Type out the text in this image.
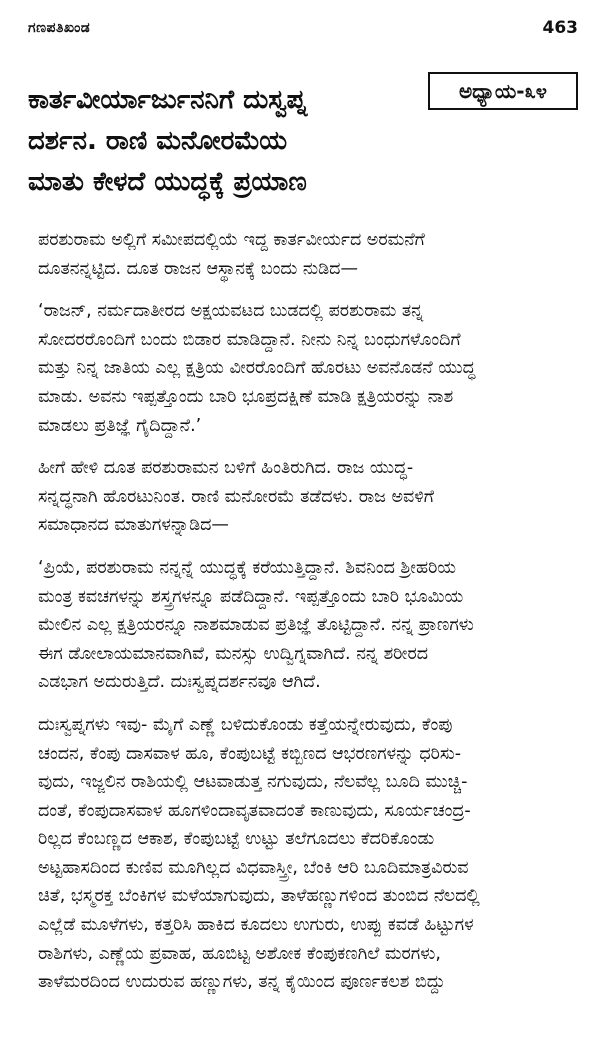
ಗಣಪತಿಖಂಡ	463
ಕಾರ್ತವೀರ್ಯಾರ್ಜುನನಿಗೆ ದುಸ್ವಪ್ನ
ದರ್ಶನ. ರಾಣಿ ಮನೋರಮೆಯ
ಮಾತು ಕೇಳದೆ ಯುದ್ಧಕ್ಕೆ ಪ್ರಯಾಣ
ಅಧ್ಯಾಯ-೩೪

ಪರಶುರಾಮ ಅಲ್ಲಿಗೆ ಸಮೀಪದಲ್ಲಿಯೆ ಇದ್ದ ಕಾರ್ತವೀರ್ಯದ ಅರಮನೆಗೆ
ದೂತನನ್ನಟ್ಟಿದ. ದೂತ ರಾಜನ ಆಸ್ಥಾನಕ್ಕೆ ಬಂದು ನುಡಿದ—

‘ರಾಜನ್, ನರ್ಮದಾತೀರದ ಅಕ್ಷಯವಟದ ಬುಡದಲ್ಲಿ ಪರಶುರಾಮ ತನ್ನ
ಸೋದರರೊಂದಿಗೆ ಬಂದು ಬಿಡಾರ ಮಾಡಿದ್ದಾನೆ. ನೀನು ನಿನ್ನ ಬಂಧುಗಳೊಂದಿಗೆ
ಮತ್ತು ನಿನ್ನ ಜಾತಿಯ ಎಲ್ಲ ಕ್ಷತ್ರಿಯ ವೀರರೊಂದಿಗೆ ಹೊರಟು ಅವನೊಡನೆ ಯುದ್ಧ
ಮಾಡು. ಅವನು ಇಪ್ಪತ್ತೊಂದು ಬಾರಿ ಭೂಪ್ರದಕ್ಷಿಣೆ ಮಾಡಿ ಕ್ಷತ್ರಿಯರನ್ನು ನಾಶ
ಮಾಡಲು ಪ್ರತಿಜ್ಞೆ ಗೈದಿದ್ದಾನೆ.’

ಹೀಗೆ ಹೇಳಿ ದೂತ ಪರಶುರಾಮನ ಬಳಿಗೆ ಹಿಂತಿರುಗಿದ. ರಾಜ ಯುದ್ಧ-
ಸನ್ನದ್ಧನಾಗಿ ಹೊರಟುನಿಂತ. ರಾಣಿ ಮನೋರಮೆ ತಡೆದಳು. ರಾಜ ಅವಳಿಗೆ
ಸಮಾಧಾನದ ಮಾತುಗಳನ್ನಾಡಿದ—

‘ಪ್ರಿಯೆ, ಪರಶುರಾಮ ನನ್ನನ್ನೆ ಯುದ್ಧಕ್ಕೆ ಕರೆಯುತ್ತಿದ್ದಾನೆ. ಶಿವನಿಂದ ಶ್ರೀಹರಿಯ
ಮಂತ್ರ ಕವಚಗಳನ್ನು ಶಸ್ತ್ರಗಳನ್ನೂ ಪಡೆದಿದ್ದಾನೆ. ಇಪ್ಪತ್ತೊಂದು ಬಾರಿ ಭೂಮಿಯ
ಮೇಲಿನ ಎಲ್ಲ ಕ್ಷತ್ರಿಯರನ್ನೂ ನಾಶಮಾಡುವ ಪ್ರತಿಜ್ಞೆ ತೊಟ್ಟಿದ್ದಾನೆ. ನನ್ನ ಪ್ರಾಣಗಳು
ಈಗ ಡೋಲಾಯಮಾನವಾಗಿವೆ, ಮನಸ್ಸು ಉದ್ವಿಗ್ನವಾಗಿದೆ. ನನ್ನ ಶರೀರದ
ಎಡಭಾಗ ಅದುರುತ್ತಿದೆ. ದುಃಸ್ವಪ್ನದರ್ಶನವೂ ಆಗಿದೆ.

ದುಃಸ್ವಪ್ನಗಳು ಇವು- ಮೈಗೆ ಎಣ್ಣೆ ಬಳಿದುಕೊಂಡು ಕತ್ತೆಯನ್ನೇರುವುದು, ಕೆಂಪು
ಚಂದನ, ಕೆಂಪು ದಾಸವಾಳ ಹೂ, ಕೆಂಪುಬಟ್ಟೆ ಕಬ್ಬಿಣದ ಆಭರಣಗಳನ್ನು ಧರಿಸು-
ವುದು, ಇಜ್ಜಲಿನ ರಾಶಿಯಲ್ಲಿ ಆಟವಾಡುತ್ತ ನಗುವುದು, ನೆಲವೆಲ್ಲ ಬೂದಿ ಮುಚ್ಚಿ-
ದಂತೆ, ಕೆಂಪುದಾಸವಾಳ ಹೂಗಳಿಂದಾವೃತವಾದಂತೆ ಕಾಣುವುದು, ಸೂರ್ಯಚಂದ್ರ-
ರಿಲ್ಲದ ಕೆಂಬಣ್ಣದ ಆಕಾಶ, ಕೆಂಪುಬಟ್ಟೆ ಉಟ್ಟು ತಲೆಗೂದಲು ಕೆದರಿಕೊಂಡು
ಅಟ್ಟಹಾಸದಿಂದ ಕುಣಿವ ಮೂಗಿಲ್ಲದ ವಿಧವಾಸ್ತ್ರೀ, ಬೆಂಕಿ ಆರಿ ಬೂದಿಮಾತ್ರವಿರುವ
ಚಿತೆ, ಭಸ್ಮರಕ್ತ ಬೆಂಕಿಗಳ ಮಳೆಯಾಗುವುದು, ತಾಳೆಹಣ್ಣುಗಳಿಂದ ತುಂಬಿದ ನೆಲದಲ್ಲಿ
ಎಲ್ಲೆಡೆ ಮೂಳೆಗಳು, ಕತ್ತರಿಸಿ ಹಾಕಿದ ಕೂದಲು ಉಗುರು, ಉಪ್ಪು ಕವಡೆ ಹಿಟ್ಟುಗಳ
ರಾಶಿಗಳು, ಎಣ್ಣೆಯ ಪ್ರವಾಹ, ಹೂಬಿಟ್ಟ ಅಶೋಕ ಕೆಂಪುಕಣಗಿಲೆ ಮರಗಳು,
ತಾಳೆಮರದಿಂದ ಉದುರುವ ಹಣ್ಣುಗಳು, ತನ್ನ ಕೈಯಿಂದ ಪೂರ್ಣಕಲಶ ಬಿದ್ದು
